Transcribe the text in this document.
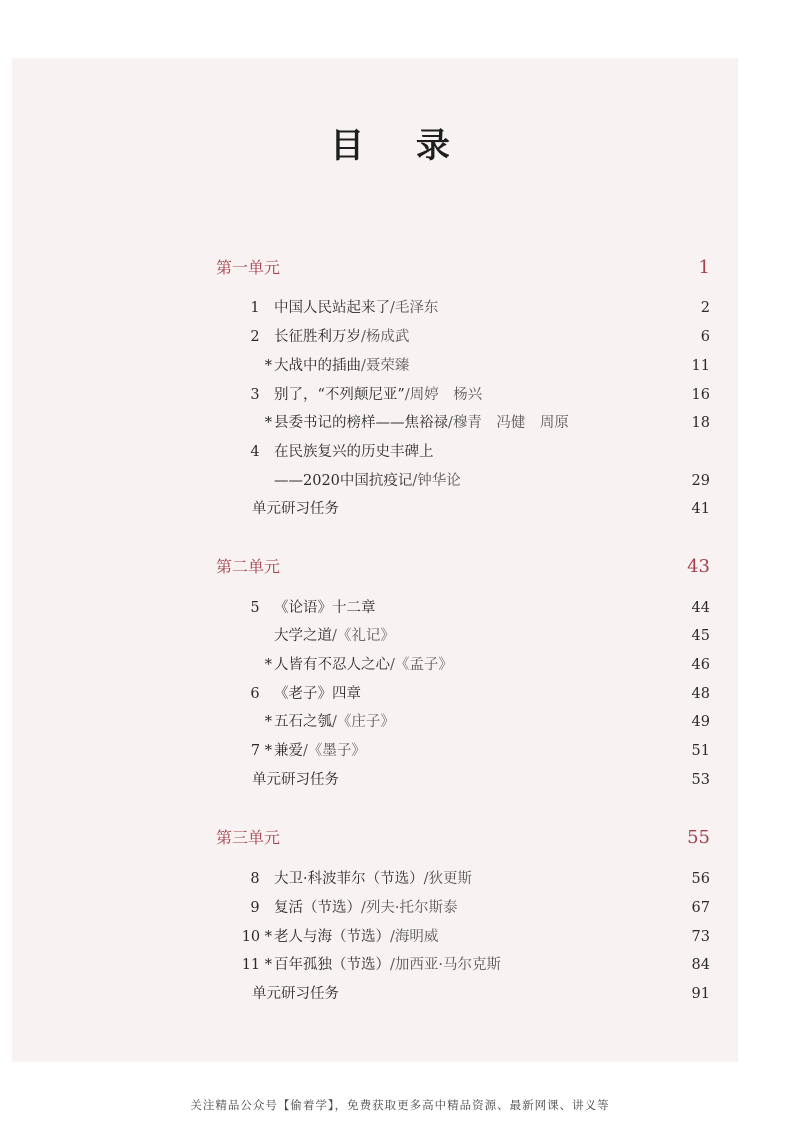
目 录
第一单元	1
1 中国人民站起来了/毛泽东	2
2 长征胜利万岁/杨成武	6
* 大战中的插曲/聂荣臻	11
3 别了，“不列颠尼亚”/周婷　杨兴	16
* 县委书记的榜样——焦裕禄/穆青　冯健　周原	18
4 在民族复兴的历史丰碑上
——2020中国抗疫记/钟华论	29
单元研习任务	41
第二单元	43
5 《论语》十二章	44
大学之道/《礼记》	45
* 人皆有不忍人之心/《孟子》	46
6 《老子》四章	48
* 五石之瓠/《庄子》	49
7 * 兼爱/《墨子》	51
单元研习任务	53
第三单元	55
8 大卫·科波菲尔（节选）/狄更斯	56
9 复活（节选）/列夫·托尔斯泰	67
10 * 老人与海（节选）/海明威	73
11 * 百年孤独（节选）/加西亚·马尔克斯	84
单元研习任务	91
关注精品公众号【偷着学】，免费获取更多高中精品资源、最新网课、讲义等
